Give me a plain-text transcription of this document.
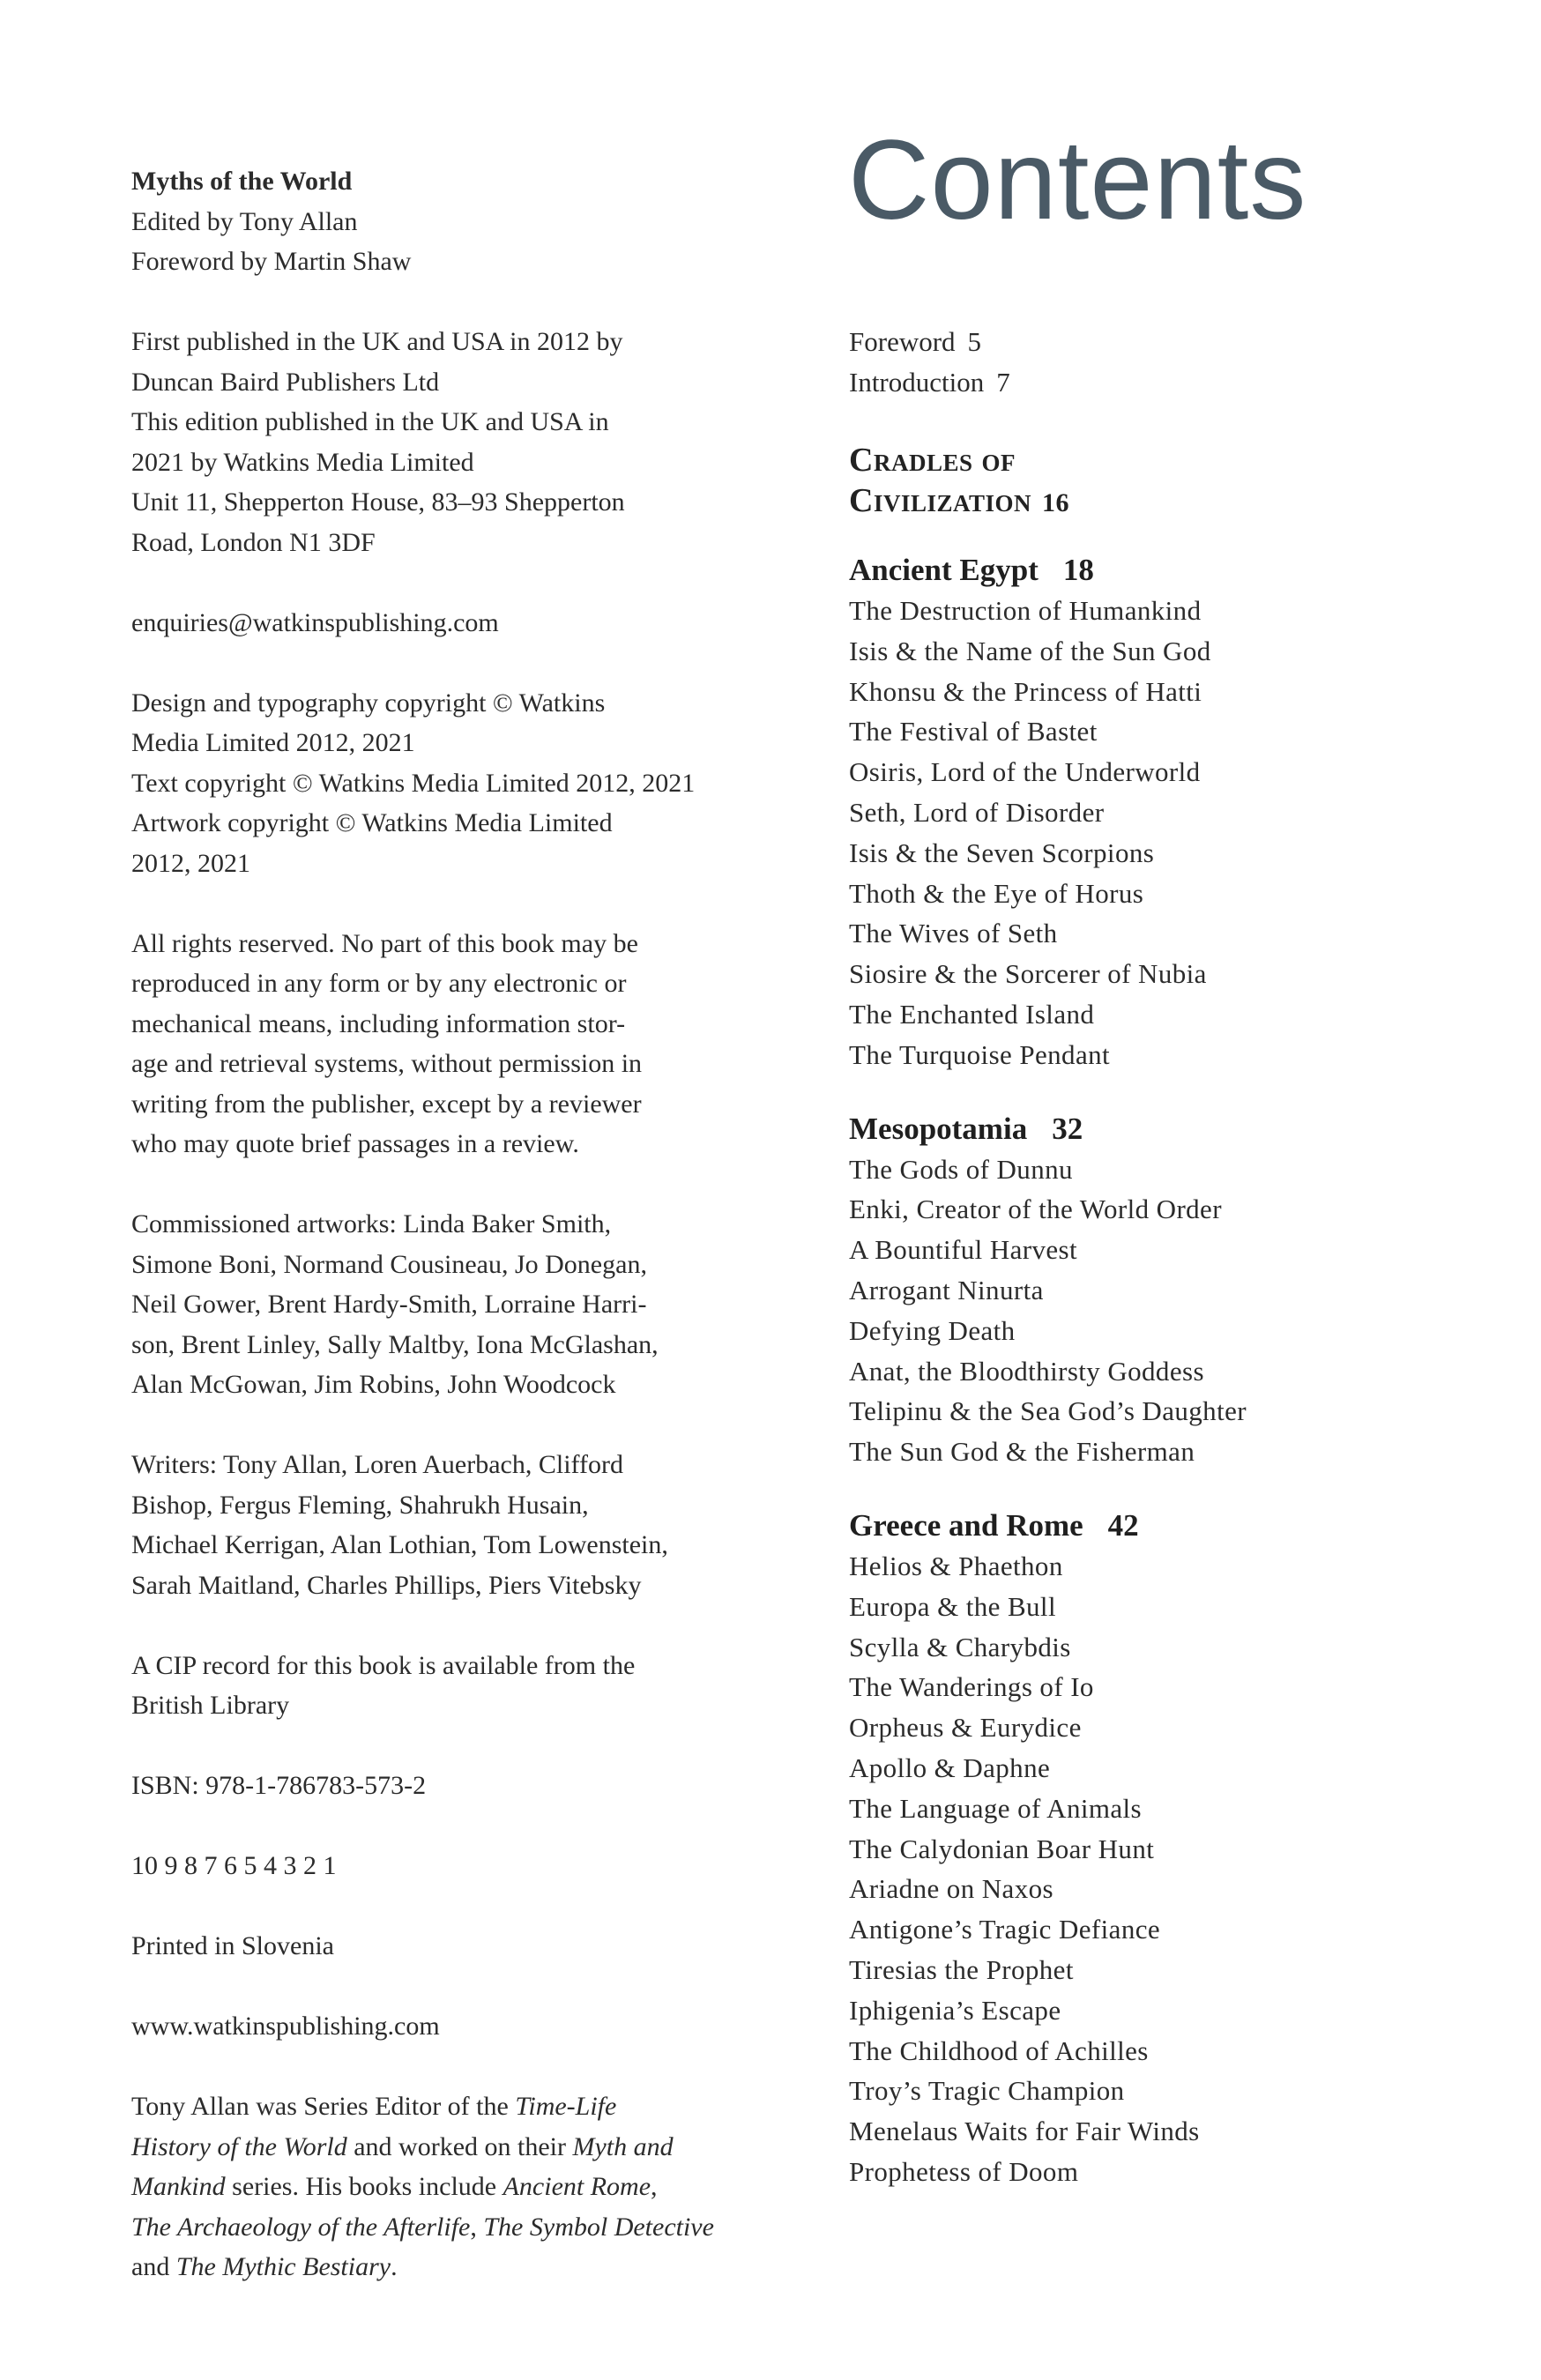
Myths of the World
Edited by Tony Allan
Foreword by Martin Shaw

First published in the UK and USA in 2012 by
Duncan Baird Publishers Ltd
This edition published in the UK and USA in
2021 by Watkins Media Limited
Unit 11, Shepperton House, 83–93 Shepperton
Road, London N1 3DF

enquiries@watkinspublishing.com

Design and typography copyright © Watkins
Media Limited 2012, 2021
Text copyright © Watkins Media Limited 2012, 2021
Artwork copyright © Watkins Media Limited
2012, 2021

All rights reserved. No part of this book may be
reproduced in any form or by any electronic or
mechanical means, including information stor-
age and retrieval systems, without permission in
writing from the publisher, except by a reviewer
who may quote brief passages in a review.

Commissioned artworks: Linda Baker Smith,
Simone Boni, Normand Cousineau, Jo Donegan,
Neil Gower, Brent Hardy-Smith, Lorraine Harri-
son, Brent Linley, Sally Maltby, Iona McGlashan,
Alan McGowan, Jim Robins, John Woodcock

Writers: Tony Allan, Loren Auerbach, Clifford
Bishop, Fergus Fleming, Shahrukh Husain,
Michael Kerrigan, Alan Lothian, Tom Lowenstein,
Sarah Maitland, Charles Phillips, Piers Vitebsky

A CIP record for this book is available from the
British Library

ISBN: 978-1-786783-573-2

10 9 8 7 6 5 4 3 2 1

Printed in Slovenia

www.watkinspublishing.com

Tony Allan was Series Editor of the Time-Life
History of the World and worked on their Myth and
Mankind series. His books include Ancient Rome,
The Archaeology of the Afterlife, The Symbol Detective
and The Mythic Bestiary.

Contents
Foreword 5
Introduction 7
Cradles of
Civilization 16
Ancient Egypt 18
The Destruction of Humankind
Isis & the Name of the Sun God
Khonsu & the Princess of Hatti
The Festival of Bastet
Osiris, Lord of the Underworld
Seth, Lord of Disorder
Isis & the Seven Scorpions
Thoth & the Eye of Horus
The Wives of Seth
Siosire & the Sorcerer of Nubia
The Enchanted Island
The Turquoise Pendant
Mesopotamia 32
The Gods of Dunnu
Enki, Creator of the World Order
A Bountiful Harvest
Arrogant Ninurta
Defying Death
Anat, the Bloodthirsty Goddess
Telipinu & the Sea God’s Daughter
The Sun God & the Fisherman
Greece and Rome 42
Helios & Phaethon
Europa & the Bull
Scylla & Charybdis
The Wanderings of Io
Orpheus & Eurydice
Apollo & Daphne
The Language of Animals
The Calydonian Boar Hunt
Ariadne on Naxos
Antigone’s Tragic Defiance
Tiresias the Prophet
Iphigenia’s Escape
The Childhood of Achilles
Troy’s Tragic Champion
Menelaus Waits for Fair Winds
Prophetess of Doom
